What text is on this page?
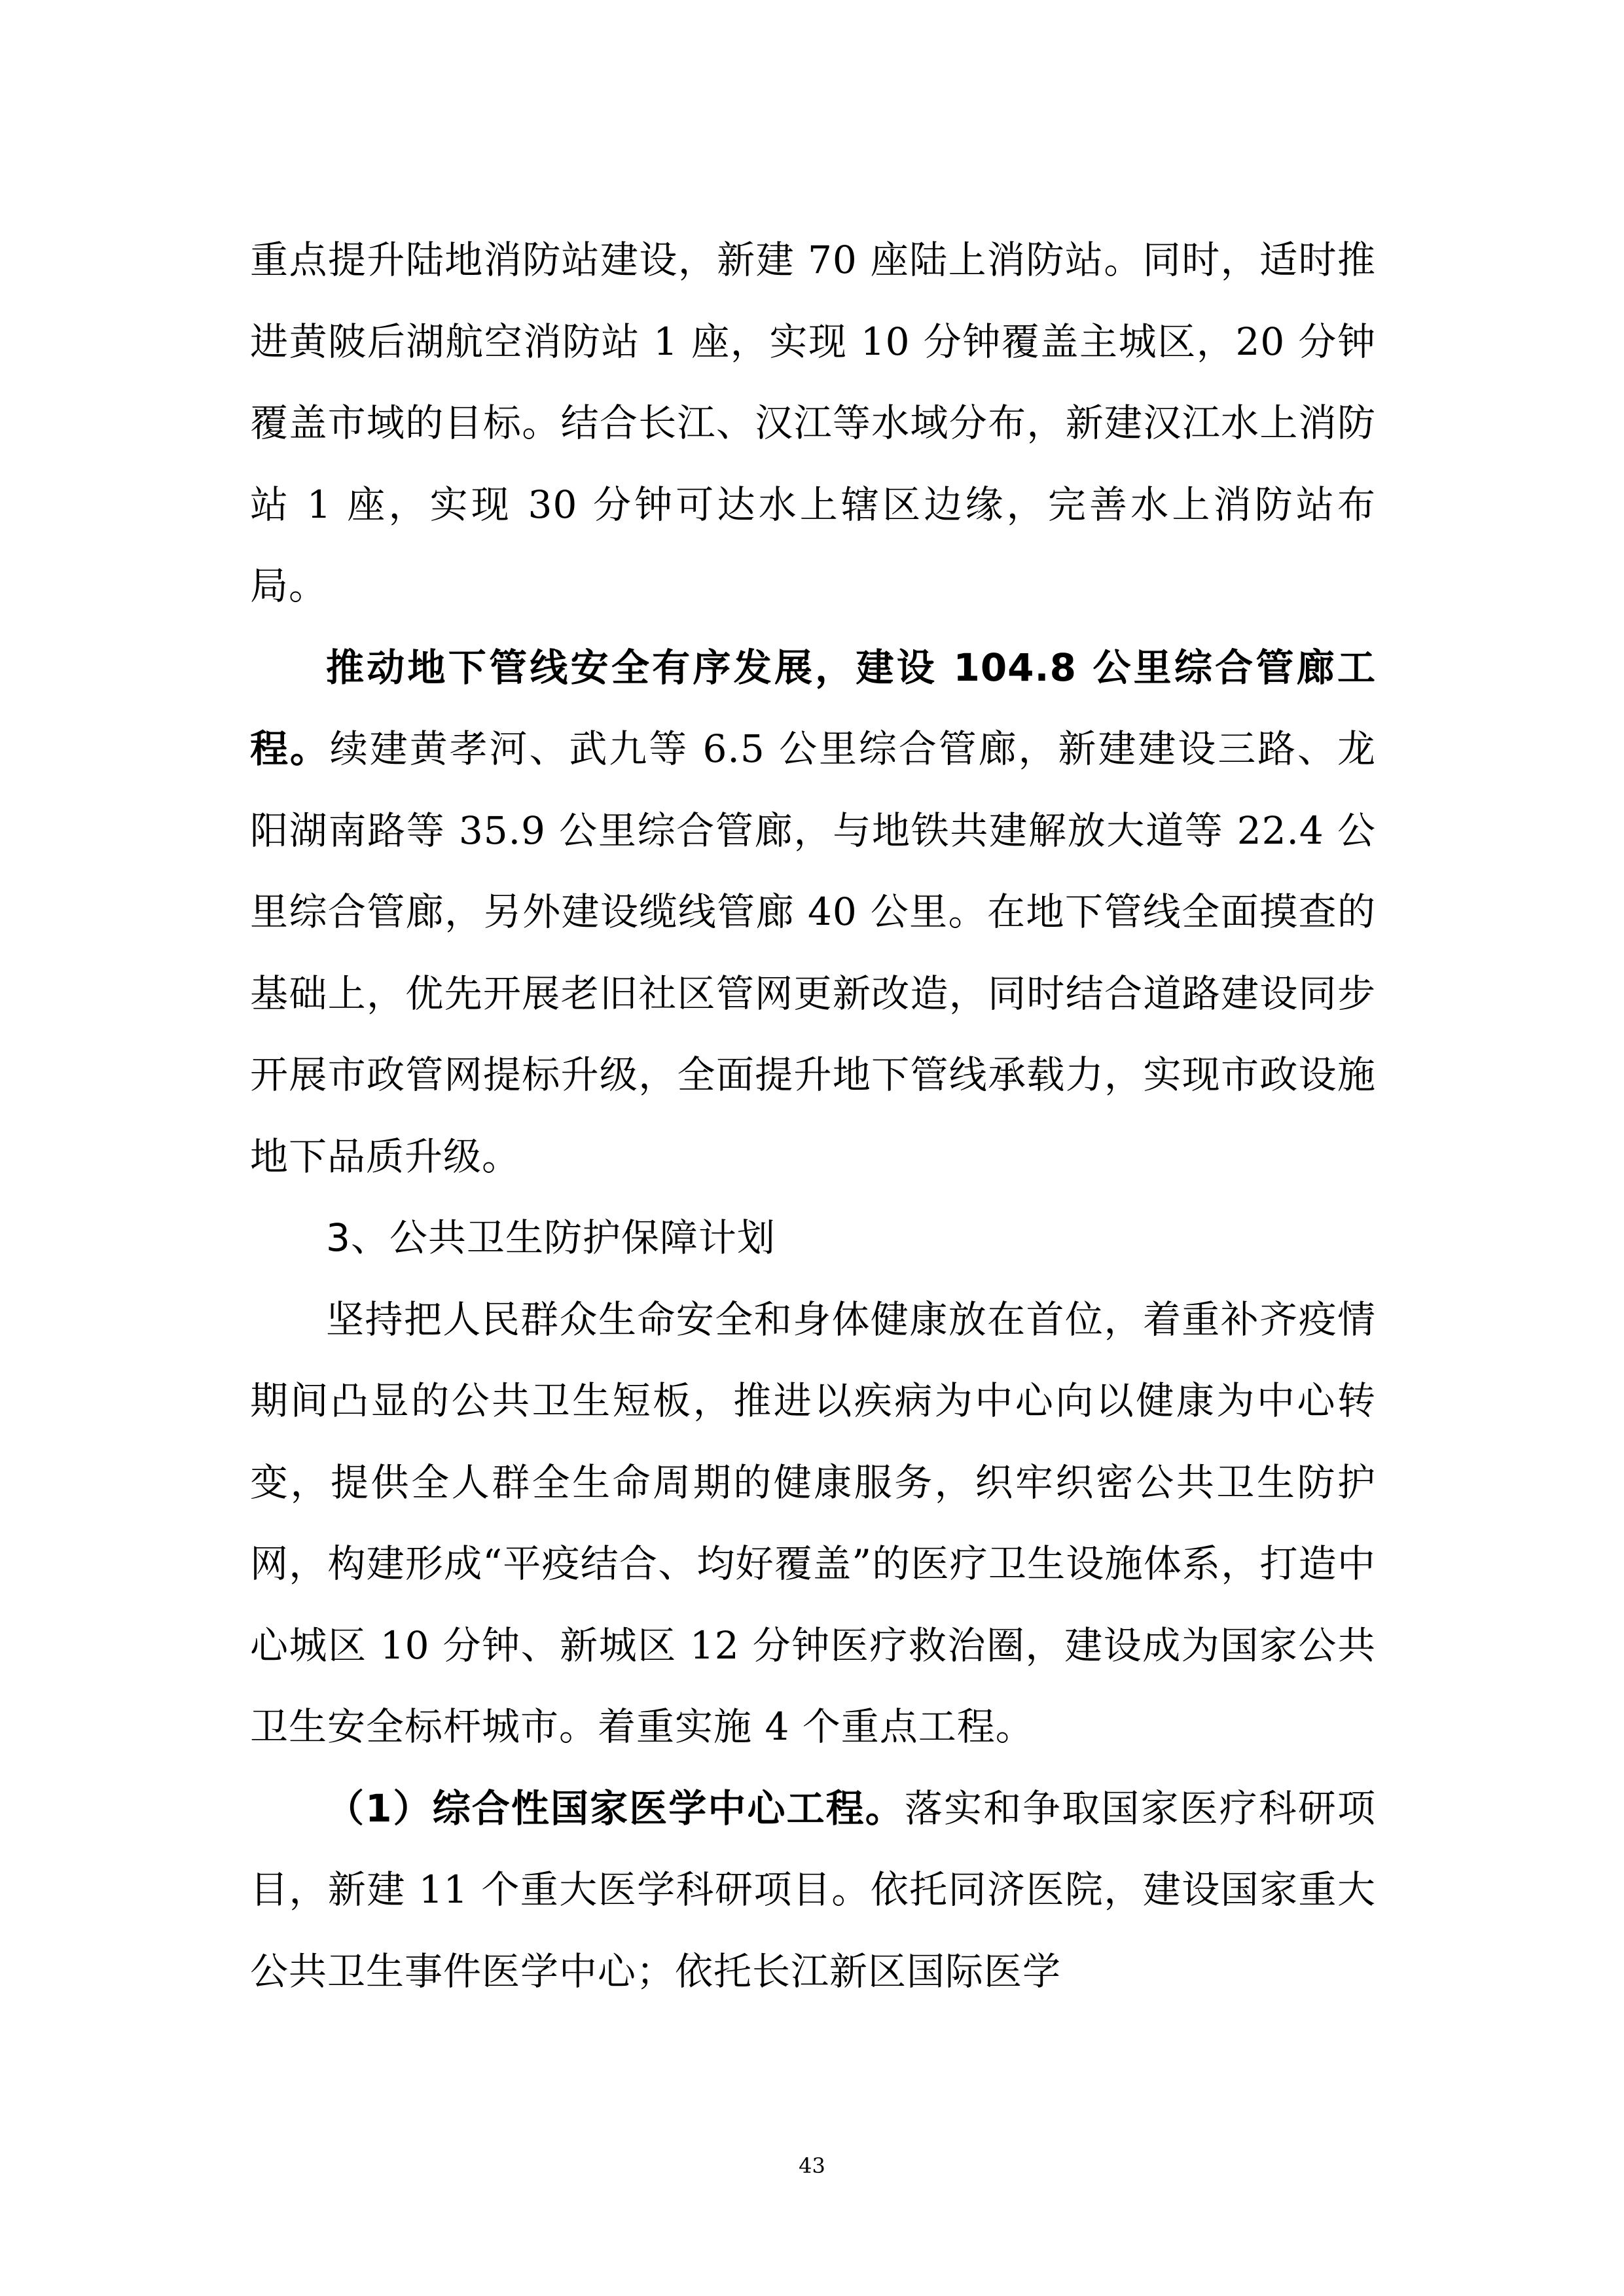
重点提升陆地消防站建设，新建 70 座陆上消防站。同时，适时推进黄陂后湖航空消防站 1 座，实现 10 分钟覆盖主城区，20 分钟覆盖市域的目标。结合长江、汉江等水域分布，新建汉江水上消防站 1 座，实现 30 分钟可达水上辖区边缘，完善水上消防站布局。

推动地下管线安全有序发展，建设 104.8 公里综合管廊工程。续建黄孝河、武九等 6.5 公里综合管廊，新建建设三路、龙阳湖南路等 35.9 公里综合管廊，与地铁共建解放大道等 22.4 公里综合管廊，另外建设缆线管廊 40 公里。在地下管线全面摸查的基础上，优先开展老旧社区管网更新改造，同时结合道路建设同步开展市政管网提标升级，全面提升地下管线承载力，实现市政设施地下品质升级。

3、公共卫生防护保障计划

坚持把人民群众生命安全和身体健康放在首位，着重补齐疫情期间凸显的公共卫生短板，推进以疾病为中心向以健康为中心转变，提供全人群全生命周期的健康服务，织牢织密公共卫生防护网，构建形成“平疫结合、均好覆盖”的医疗卫生设施体系，打造中心城区 10 分钟、新城区 12 分钟医疗救治圈，建设成为国家公共卫生安全标杆城市。着重实施 4 个重点工程。

（1）综合性国家医学中心工程。落实和争取国家医疗科研项目，新建 11 个重大医学科研项目。依托同济医院，建设国家重大公共卫生事件医学中心；依托长江新区国际医学

43
